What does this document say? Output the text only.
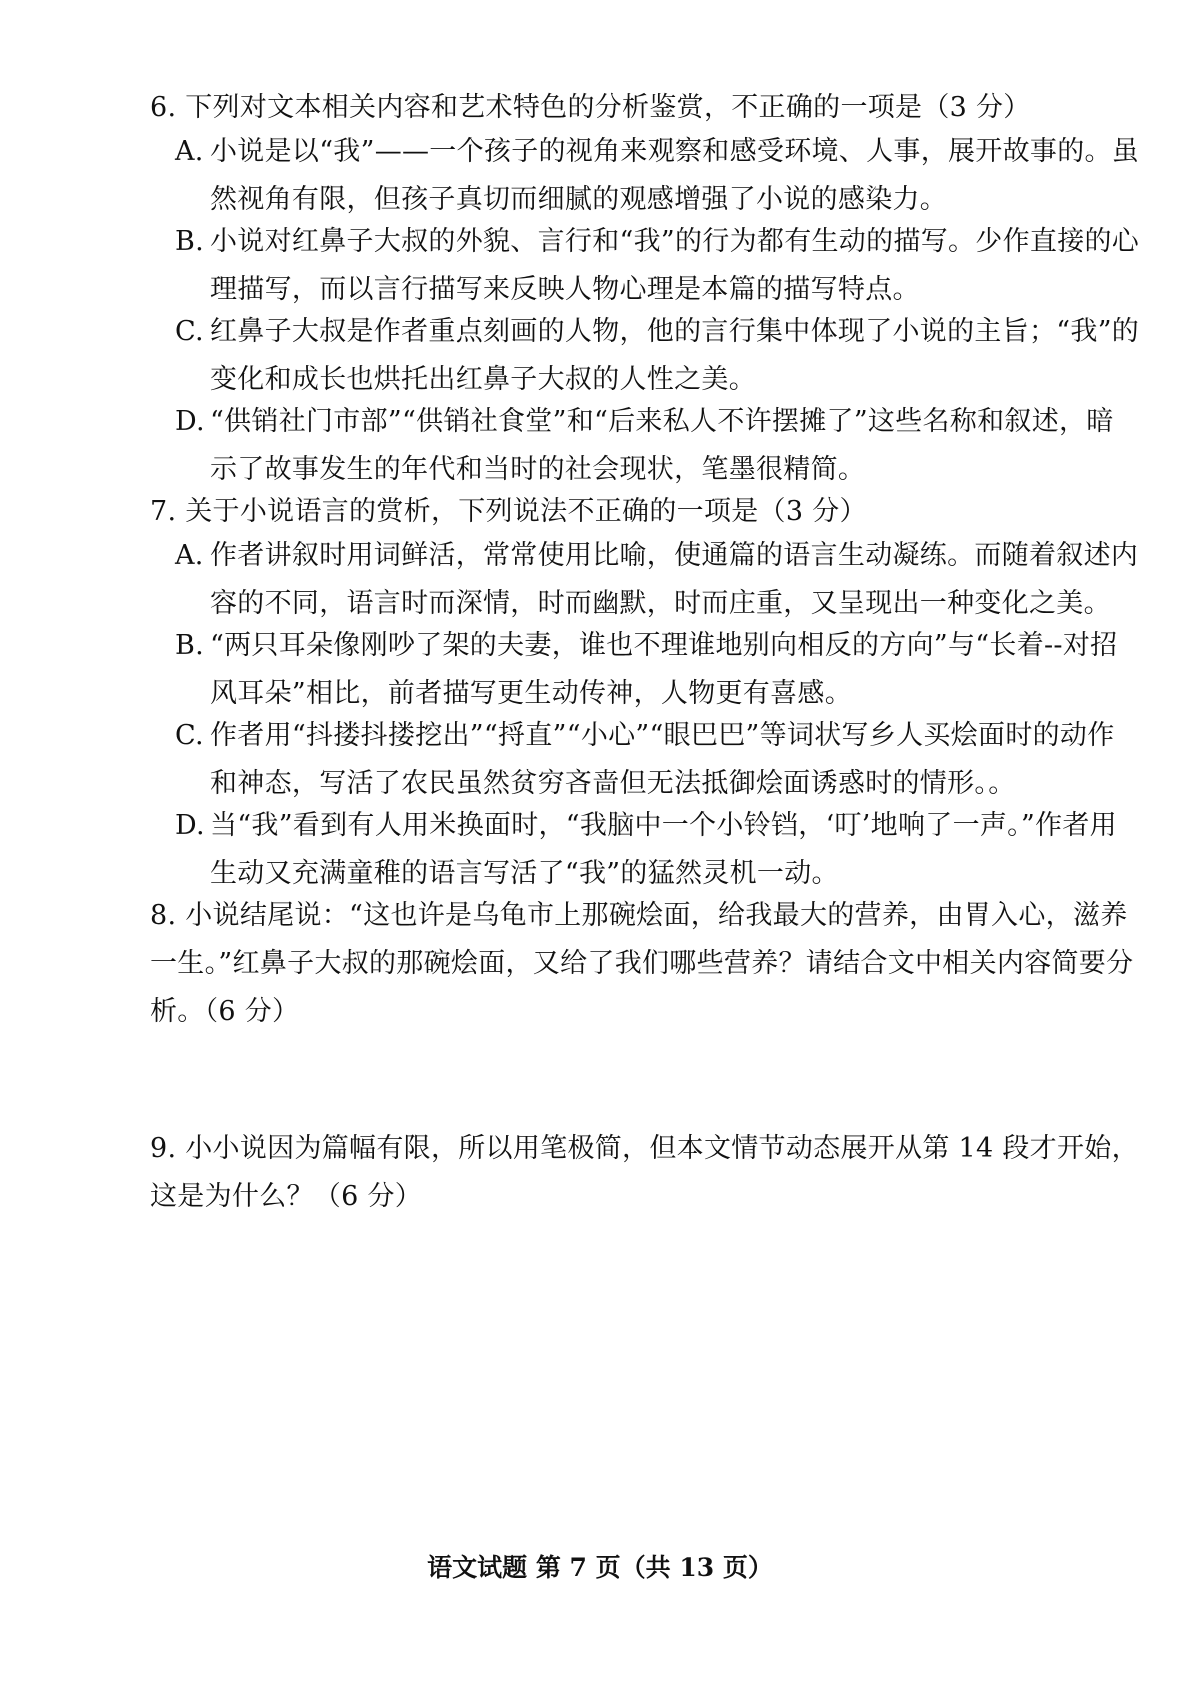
6. 下列对文本相关内容和艺术特色的分析鉴赏，不正确的一项是（3 分）
A. 小说是以“我”——一个孩子的视角来观察和感受环境、人事，展开故事的。虽然视角有限，但孩子真切而细腻的观感增强了小说的感染力。
B. 小说对红鼻子大叔的外貌、言行和“我”的行为都有生动的描写。少作直接的心理描写，而以言行描写来反映人物心理是本篇的描写特点。
C. 红鼻子大叔是作者重点刻画的人物，他的言行集中体现了小说的主旨；“我”的变化和成长也烘托出红鼻子大叔的人性之美。
D. “供销社门市部”“供销社食堂”和“后来私人不许摆摊了”这些名称和叙述，暗示了故事发生的年代和当时的社会现状，笔墨很精简。
7. 关于小说语言的赏析，下列说法不正确的一项是（3 分）
A. 作者讲叙时用词鲜活，常常使用比喻，使通篇的语言生动凝练。而随着叙述内容的不同，语言时而深情，时而幽默，时而庄重，又呈现出一种变化之美。
B. “两只耳朵像刚吵了架的夫妻，谁也不理谁地别向相反的方向”与“长着--对招风耳朵”相比，前者描写更生动传神，人物更有喜感。
C. 作者用“抖搂抖搂挖出”“捋直”“小心”“眼巴巴”等词状写乡人买烩面时的动作和神态，写活了农民虽然贫穷吝啬但无法抵御烩面诱惑时的情形。。
D. 当“我”看到有人用米换面时，“我脑中一个小铃铛，‘叮’地响了一声。”作者用生动又充满童稚的语言写活了“我”的猛然灵机一动。
8. 小说结尾说：“这也许是乌龟市上那碗烩面，给我最大的营养，由胃入心，滋养一生。”红鼻子大叔的那碗烩面，又给了我们哪些营养？请结合文中相关内容简要分析。（6 分）
9. 小小说因为篇幅有限，所以用笔极简，但本文情节动态展开从第 14 段才开始，这是为什么？（6 分）
语文试题 第 7 页（共 13 页）
